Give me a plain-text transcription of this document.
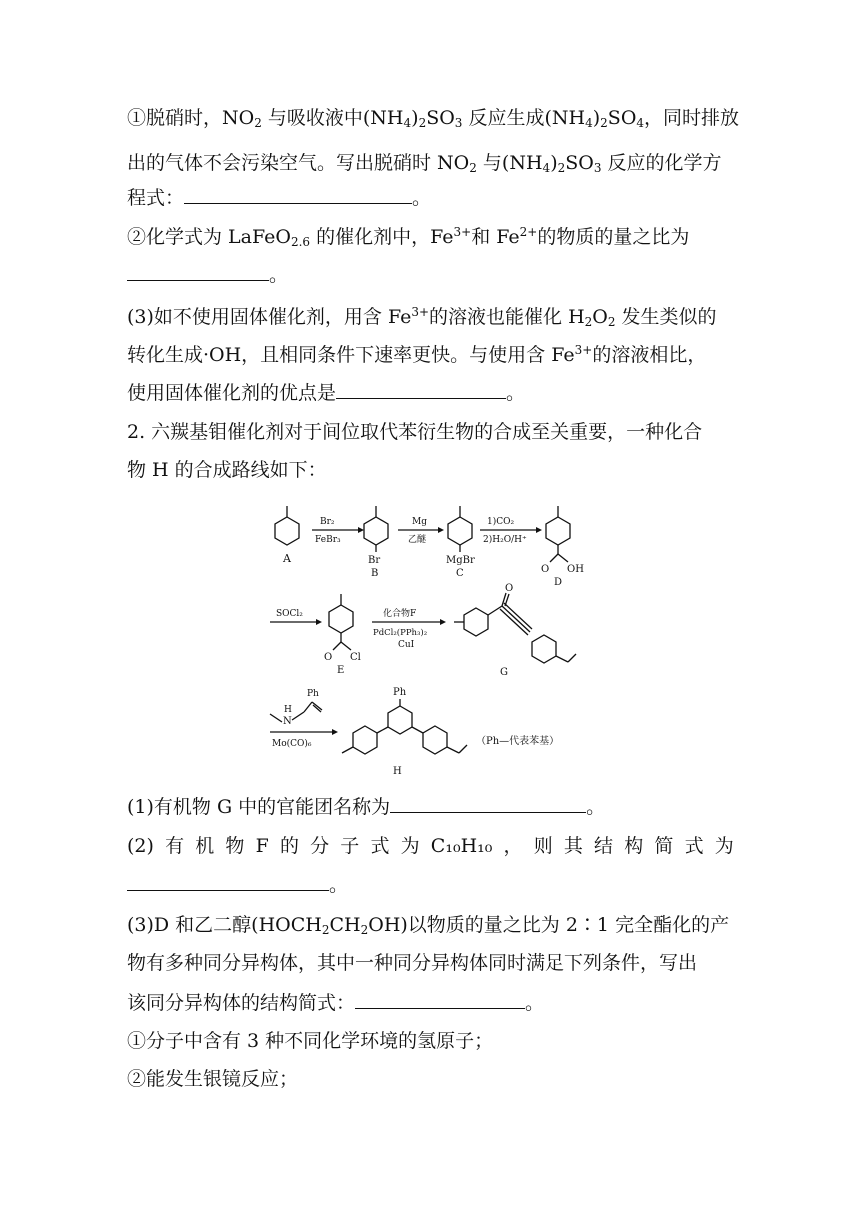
①脱硝时，$NO_2$ 与吸收液中$(NH_4)_2SO_3$ 反应生成$(NH_4)_2SO_4$，同时排放
出的气体不会污染空气。写出脱硝时 $NO_2$ 与$(NH_4)_2SO_3$ 反应的化学方
程式：	。
②化学式为 LaFeO$_{2.6}$ 的催化剂中，$Fe^{3+}$和 $Fe^{2+}$的物质的量之比为
。
(3)如不使用固体催化剂，用含 $Fe^{3+}$的溶液也能催化 $H_2O_2$ 发生类似的
转化生成·OH，且相同条件下速率更快。与使用含 $Fe^{3+}$的溶液相比，
使用固体催化剂的优点是	。
2. 六羰基钼催化剂对于间位取代苯衍生物的合成至关重要，一种化合
物 H 的合成路线如下：
A
Br₂
FeBr₃
Br
B
Mg
乙醚
MgBr
C
1)CO₂
2)H₂O/H⁺
O OH
D
SOCl₂
O Cl
E
化合物F
PdCl₂(PPh₃)₂
CuI
O
G
H
N
Ph
Mo(CO)₆
Ph
H
（Ph—代表苯基）
(1)有机物 G 中的官能团名称为	。
(2) 有 机 物 F 的 分 子 式 为 C₁₀H₁₀ ， 则 其 结 构 简 式 为
。
(3)D 和乙二醇$(HOCH_2CH_2OH)$以物质的量之比为 2∶1 完全酯化的产
物有多种同分异构体，其中一种同分异构体同时满足下列条件，写出
该同分异构体的结构简式：	。
①分子中含有 3 种不同化学环境的氢原子；
②能发生银镜反应；
